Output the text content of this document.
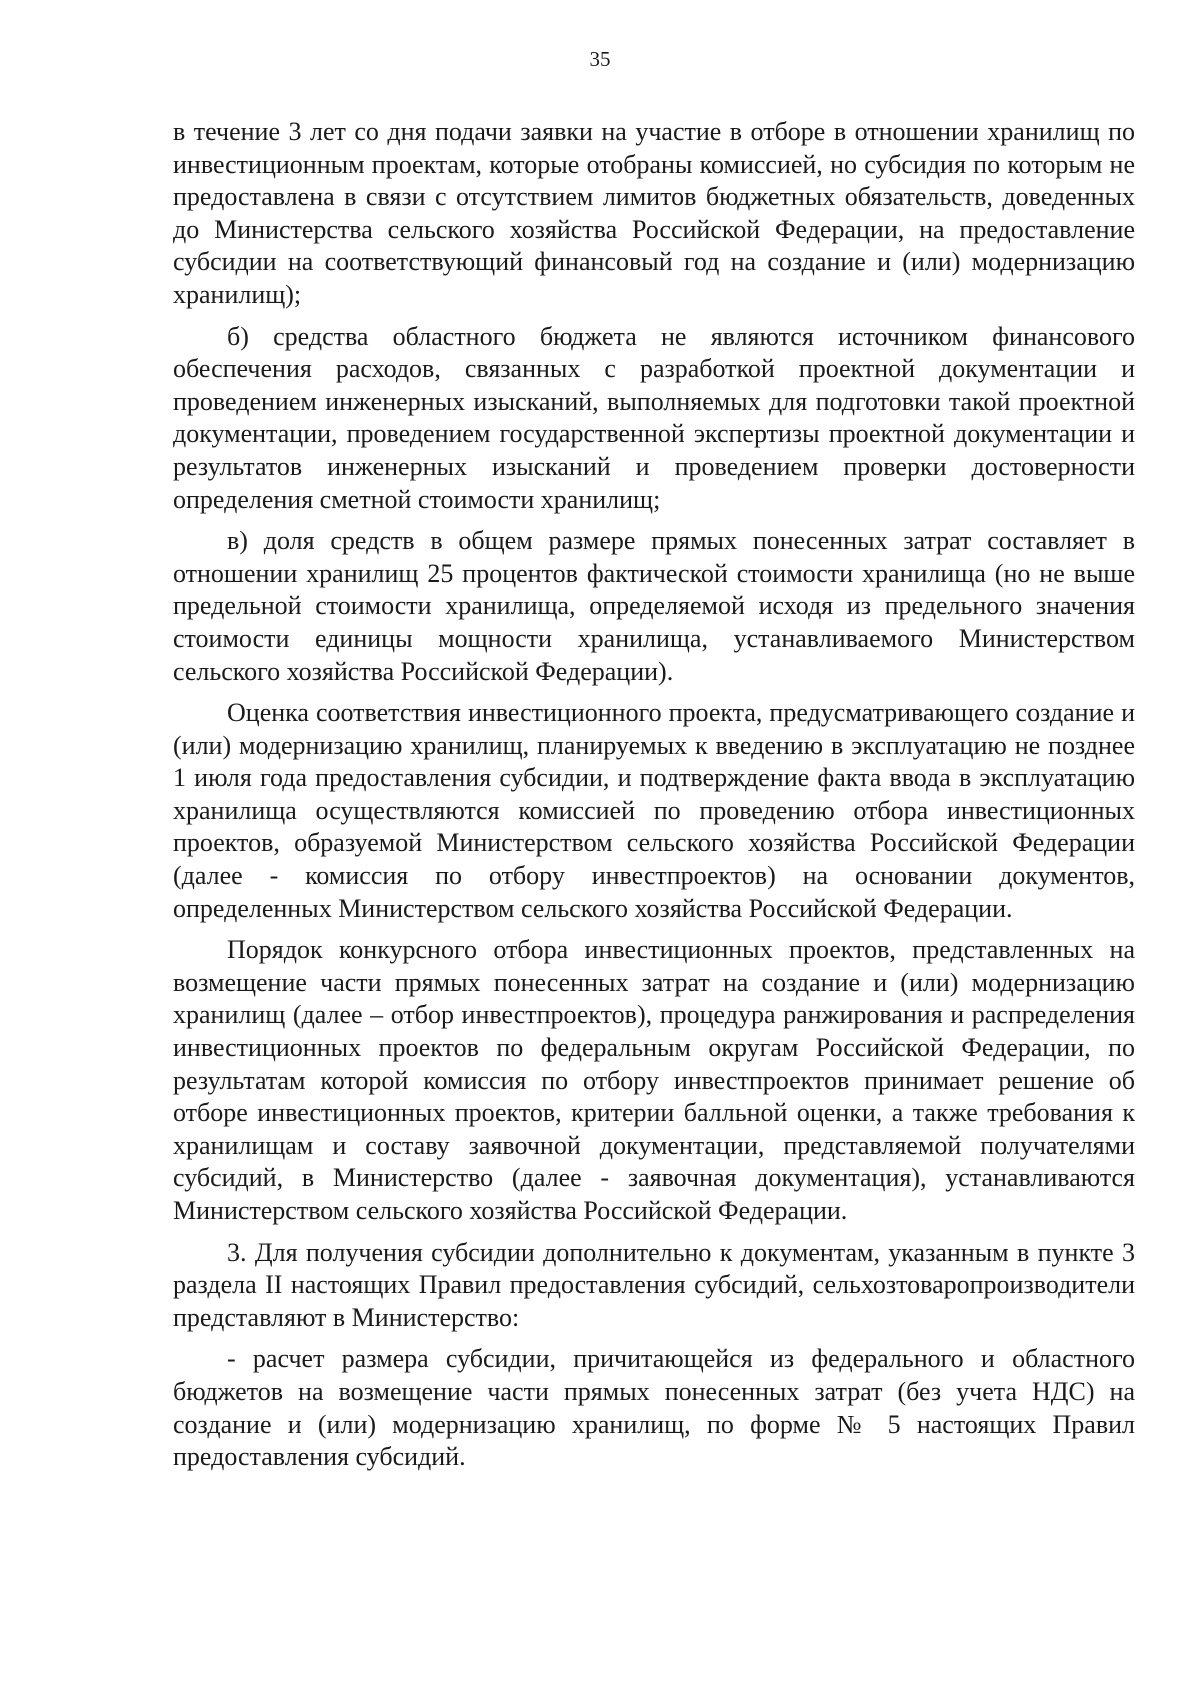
35

в течение 3 лет со дня подачи заявки на участие в отборе в отношении хранилищ по инвестиционным проектам, которые отобраны комиссией, но субсидия по которым не предоставлена в связи с отсутствием лимитов бюджетных обязательств, доведенных до Министерства сельского хозяйства Российской Федерации, на предоставление субсидии на соответствующий финансовый год на создание и (или) модернизацию хранилищ);

б) средства областного бюджета не являются источником финансового обеспечения расходов, связанных с разработкой проектной документации и проведением инженерных изысканий, выполняемых для подготовки такой проектной документации, проведением государственной экспертизы проектной документации и результатов инженерных изысканий и проведением проверки достоверности определения сметной стоимости хранилищ;

в) доля средств в общем размере прямых понесенных затрат составляет в отношении хранилищ 25 процентов фактической стоимости хранилища (но не выше предельной стоимости хранилища, определяемой исходя из предельного значения стоимости единицы мощности хранилища, устанавливаемого Министерством сельского хозяйства Российской Федерации).

Оценка соответствия инвестиционного проекта, предусматривающего создание и (или) модернизацию хранилищ, планируемых к введению в эксплуатацию не позднее 1 июля года предоставления субсидии, и подтверждение факта ввода в эксплуатацию хранилища осуществляются комиссией по проведению отбора инвестиционных проектов, образуемой Министерством сельского хозяйства Российской Федерации (далее - комиссия по отбору инвестпроектов) на основании документов, определенных Министерством сельского хозяйства Российской Федерации.

Порядок конкурсного отбора инвестиционных проектов, представленных на возмещение части прямых понесенных затрат на создание и (или) модернизацию хранилищ (далее – отбор инвестпроектов), процедура ранжирования и распределения инвестиционных проектов по федеральным округам Российской Федерации, по результатам которой комиссия по отбору инвестпроектов принимает решение об отборе инвестиционных проектов, критерии балльной оценки, а также требования к хранилищам и составу заявочной документации, представляемой получателями субсидий, в Министерство (далее - заявочная документация), устанавливаются Министерством сельского хозяйства Российской Федерации.

3. Для получения субсидии дополнительно к документам, указанным в пункте 3 раздела II настоящих Правил предоставления субсидий, сельхозтоваропроизводители представляют в Министерство:

- расчет размера субсидии, причитающейся из федерального и областного бюджетов на возмещение части прямых понесенных затрат (без учета НДС) на создание и (или) модернизацию хранилищ, по форме № 5 настоящих Правил предоставления субсидий.
